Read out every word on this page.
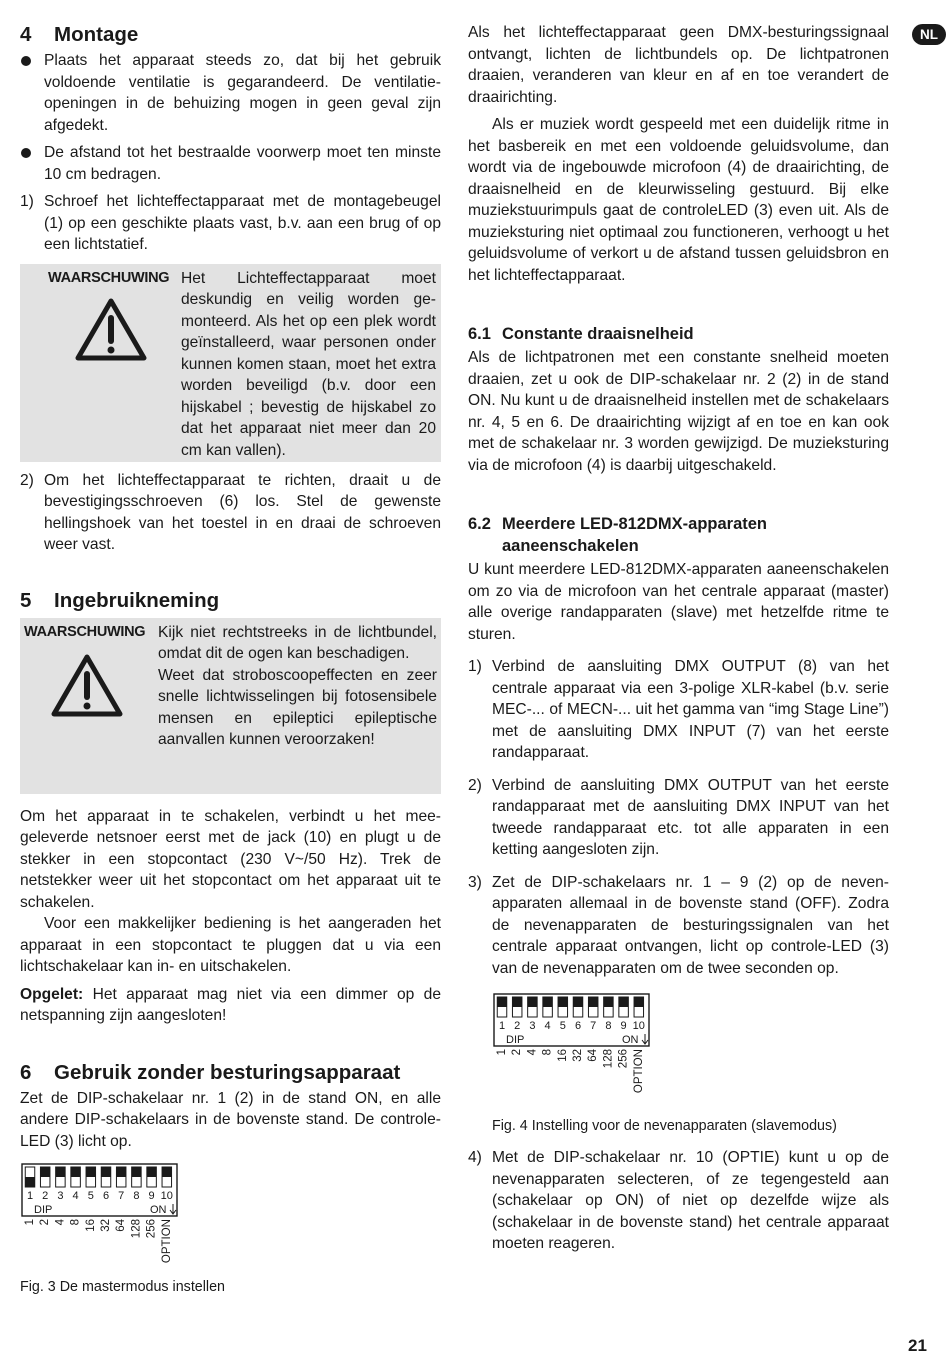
NL
4 Montage
Plaats het apparaat steeds zo, dat bij het gebruik voldoende ventilatie is gegarandeerd. De ventilatieopeningen in de behuizing mogen in geen geval zijn afgedekt.
De afstand tot het bestraalde voorwerp moet ten minste 10 cm bedragen.
1) Schroef het lichteffectapparaat met de montagebeugel (1) op een geschikte plaats vast, b.v. aan een brug of op een lichtstatief.
WAARSCHUWING Het Lichteffectapparaat moet deskundig en veilig worden gemonteerd. Als het op een plek wordt geïnstalleerd, waar personen onder kunnen komen staan, moet het extra worden beveiligd (b.v. door een hijskabel ; bevestig de hijskabel zo dat het apparaat niet meer dan 20 cm kan vallen).
2) Om het lichteffectapparaat te richten, draait u de bevestigingsschroeven (6) los. Stel de gewenste hellingshoek van het toestel in en draai de schroeven weer vast.
5 Ingebruikneming
WAARSCHUWING Kijk niet rechtstreeks in de lichtbundel, omdat dit de ogen kan beschadigen.

Weet dat stroboscoopeffecten en zeer snelle lichtwisselingen bij fotosensibele mensen en epileptici epileptische aanvallen kunnen veroorzaken!

Om het apparaat in te schakelen, verbindt u het meegeleverde netsnoer eerst met de jack (10) en plugt u de stekker in een stopcontact (230 V~/50 Hz). Trek de netstekker weer uit het stopcontact om het apparaat uit te schakelen.

Voor een makkelijker bediening is het aangeraden het apparaat in een stopcontact te pluggen dat u via een lichtschakelaar kan in- en uitschakelen.

Opgelet: Het apparaat mag niet via een dimmer op de netspanning zijn aangesloten!

6 Gebruik zonder besturingsapparaat

Zet de DIP-schakelaar nr. 1 (2) in de stand ON, en alle andere DIP-schakelaars in de bovenste stand. De controle-LED (3) licht op.

1
1
2
2
3
4
4
8
5
16
6
32
7
64
8
128
9
256
10
OPTION
DIP	ON

Fig. 3 De mastermodus instellen

Als het lichteffectapparaat geen DMX-besturingssignaal ontvangt, lichten de lichtbundels op. De lichtpatronen draaien, veranderen van kleur en af en toe verandert de draairichting.

Als er muziek wordt gespeeld met een duidelijk ritme in het basbereik en met een voldoende geluidsvolume, dan wordt via de ingebouwde microfoon (4) de draairichting, de draaisnelheid en de kleurwisseling gestuurd. Bij elke muziekstuurimpuls gaat de controleLED (3) even uit. Als de muzieksturing niet optimaal zou functioneren, verhoogt u het geluidsvolume of verkort u de afstand tussen geluidsbron en het lichteffectapparaat.

6.1 Constante draaisnelheid

Als de lichtpatronen met een constante snelheid moeten draaien, zet u ook de DIP-schakelaar nr. 2 (2) in de stand ON. Nu kunt u de draaisnelheid instellen met de schakelaars nr. 4, 5 en 6. De draairichting wijzigt af en toe en kan ook met de schakelaar nr. 3 worden gewijzigd. De muzieksturing via de microfoon (4) is daarbij uitgeschakeld.

6.2 Meerdere LED-812DMX-apparaten
aaneenschakelen

U kunt meerdere LED-812DMX-apparaten aaneenschakelen om zo via de microfoon van het centrale apparaat (master) alle overige randapparaten (slave) met hetzelfde ritme te sturen.

1) Verbind de aansluiting DMX OUTPUT (8) van het centrale apparaat via een 3-polige XLR-kabel (b.v. serie MEC-... of MECN-... uit het gamma van “img Stage Line”) met de aansluiting DMX INPUT (7) van het eerste randapparaat.
2) Verbind de aansluiting DMX OUTPUT van het eerste randapparaat met de aansluiting DMX INPUT van het tweede randapparaat etc. tot alle apparaten in een ketting aangesloten zijn.
3) Zet de DIP-schakelaars nr. 1 – 9 (2) op de nevenapparaten allemaal in de bovenste stand (OFF). Zodra de nevenapparaten de besturingssignalen van het centrale apparaat ontvangen, licht op controle-LED (3) van de nevenapparaten om de twee seconden op.
1
1
2
2
3
4
4
8
5
16
6
32
7
64
8
128
9
256
10
OPTION
DIP	ON

Fig. 4 Instelling voor de nevenapparaten (slavemodus)

4) Met de DIP-schakelaar nr. 10 (OPTIE) kunt u op de nevenapparaten selecteren, of ze tegengesteld aan (schakelaar op ON) of niet op dezelfde wijze als (schakelaar in de bovenste stand) het centrale apparaat moeten reageren.
21
